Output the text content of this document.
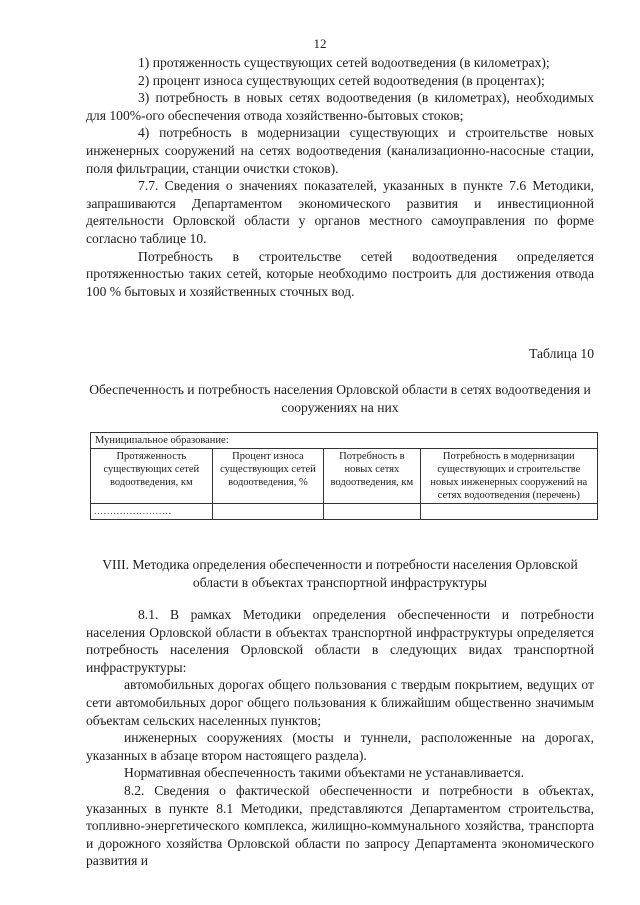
12

1) протяженность существующих сетей водоотведения (в километрах);

2) процент износа существующих сетей водоотведения (в процентах);

3) потребность в новых сетях водоотведения (в километрах), необходимых для 100%-ого обеспечения отвода хозяйственно-бытовых стоков;

4) потребность в модернизации существующих и строительстве новых инженерных сооружений на сетях водоотведения (канализационно-насосные стации, поля фильтрации, станции очистки стоков).

7.7. Сведения о значениях показателей, указанных в пункте 7.6 Методики, запрашиваются Департаментом экономического развития и инвестиционной деятельности Орловской области у органов местного самоуправления по форме согласно таблице 10.

Потребность в строительстве сетей водоотведения определяется протяженностью таких сетей, которые необходимо построить для достижения отвода 100 % бытовых и хозяйственных сточных вод.

Таблица 10
Обеспеченность и потребность населения Орловской области в сетях водоотведения и сооружениях на них
Муниципальное образование:			
Протяженность существующих сетей водоотведения, км	Процент износа существующих сетей водоотведения, %	Потребность в новых сетях водоотведения, км	Потребность в модернизации существующих и строительстве новых инженерных сооружений на сетях водоотведения (перечень)
........................			
VIII. Методика определения обеспеченности и потребности населения Орловской области в объектах транспортной инфраструктуры

8.1. В рамках Методики определения обеспеченности и потребности населения Орловской области в объектах транспортной инфраструктуры определяется потребность населения Орловской области в следующих видах транспортной инфраструктуры:

автомобильных дорогах общего пользования с твердым покрытием, ведущих от сети автомобильных дорог общего пользования к ближайшим общественно значимым объектам сельских населенных пунктов;

инженерных сооружениях (мосты и туннели, расположенные на дорогах, указанных в абзаце втором настоящего раздела).

Нормативная обеспеченность такими объектами не устанавливается.

8.2. Сведения о фактической обеспеченности и потребности в объектах, указанных в пункте 8.1 Методики, представляются Департаментом строительства, топливно-энергетического комплекса, жилищно-коммунального хозяйства, транспорта и дорожного хозяйства Орловской области по запросу Департамента экономического развития и
